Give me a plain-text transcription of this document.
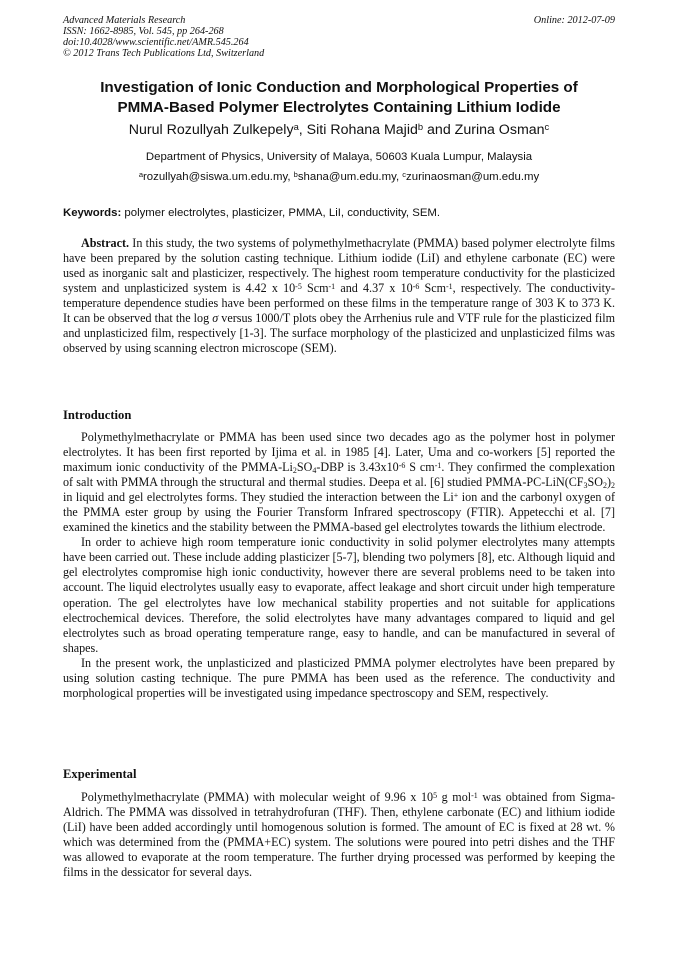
Advanced Materials Research
ISSN: 1662-8985, Vol. 545, pp 264-268
doi:10.4028/www.scientific.net/AMR.545.264
© 2012 Trans Tech Publications Ltd, Switzerland
Online: 2012-07-09
Investigation of Ionic Conduction and Morphological Properties of
PMMA-Based Polymer Electrolytes Containing Lithium Iodide
Nurul Rozullyah Zulkepely$^a$, Siti Rohana Majid$^b$ and Zurina Osman$^c$
Department of Physics, University of Malaya, 50603 Kuala Lumpur, Malaysia
$^a$rozullyah@siswa.um.edu.my, $^b$shana@um.edu.my, $^c$zurinaosman@um.edu.my
Keywords: polymer electrolytes, plasticizer, PMMA, LiI, conductivity, SEM.

Abstract. In this study, the two systems of polymethylmethacrylate (PMMA) based polymer electrolyte films have been prepared by the solution casting technique. Lithium iodide (LiI) and ethylene carbonate (EC) were used as inorganic salt and plasticizer, respectively. The highest room temperature conductivity for the plasticized system and unplasticized system is 4.42 x $10^{-5}$ Scm$^{-1}$ and 4.37 x $10^{-6}$ Scm$^{-1}$, respectively. The conductivity-temperature dependence studies have been performed on these films in the temperature range of 303 K to 373 K. It can be observed that the log σ versus 1000/T plots obey the Arrhenius rule and VTF rule for the plasticized film and unplasticized film, respectively [1-3]. The surface morphology of the plasticized and unplasticized films was observed by using scanning electron microscope (SEM).

Introduction

Polymethylmethacrylate or PMMA has been used since two decades ago as the polymer host in polymer electrolytes. It has been first reported by Ijima et al. in 1985 [4]. Later, Uma and co-workers [5] reported the maximum ionic conductivity of the PMMA-$Li_2SO_4$-DBP is $3.43x10^{-6}$ S $cm^{-1}$. They confirmed the complexation of salt with PMMA through the structural and thermal studies. Deepa et al. [6] studied PMMA-$PC-LiN(CF_3SO_2)_2$ in liquid and gel electrolytes forms. They studied the interaction between the Li+ ion and the carbonyl oxygen of the PMMA ester group by using the Fourier Transform Infrared spectroscopy (FTIR). Appetecchi et al. [7] examined the kinetics and the stability between the PMMA-based gel electrolytes towards the lithium electrode.

In order to achieve high room temperature ionic conductivity in solid polymer electrolytes many attempts have been carried out. These include adding plasticizer [5-7], blending two polymers [8], etc. Although liquid and gel electrolytes compromise high ionic conductivity, however there are several problems need to be taken into account. The liquid electrolytes usually easy to evaporate, affect leakage and short circuit under high temperature operation. The gel electrolytes have low mechanical stability properties and not suitable for applications electrochemical devices. Therefore, the solid electrolytes have many advantages compared to liquid and gel electrolytes such as broad operating temperature range, easy to handle, and can be manufactured in several of shapes.

In the present work, the unplasticized and plasticized PMMA polymer electrolytes have been prepared by using solution casting technique. The pure PMMA has been used as the reference. The conductivity and morphological properties will be investigated using impedance spectroscopy and SEM, respectively.

Experimental

Polymethylmethacrylate (PMMA) with molecular weight of 9.96 x $10^5$ g mol$^{-1}$ was obtained from Sigma-Aldrich. The PMMA was dissolved in tetrahydrofuran (THF). Then, ethylene carbonate (EC) and lithium iodide (LiI) have been added accordingly until homogenous solution is formed. The amount of EC is fixed at 28 wt. % which was determined from the (PMMA+EC) system. The solutions were poured into petri dishes and the THF was allowed to evaporate at the room temperature. The further drying processed was performed by keeping the films in the dessicator for several days.
